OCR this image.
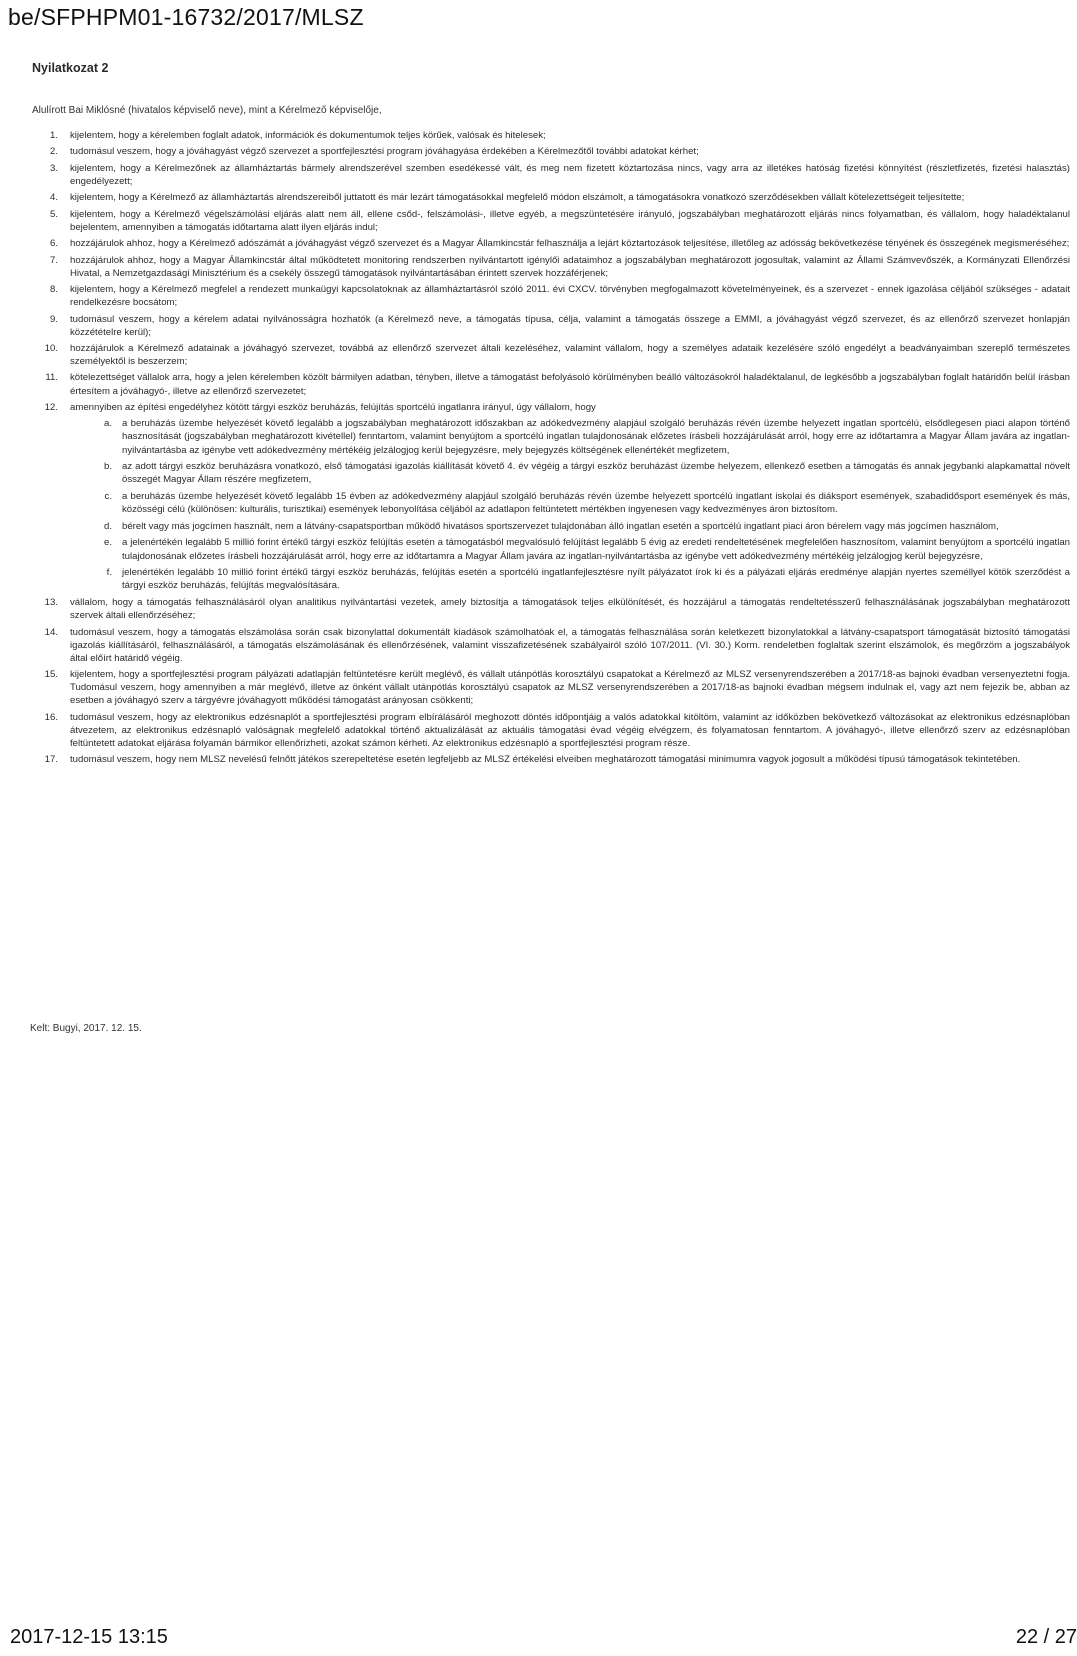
be/SFPHPM01-16732/2017/MLSZ
Nyilatkozat 2
Alulírott Bai Miklósné (hivatalos képviselő neve), mint a Kérelmező képviselője,
1.	kijelentem, hogy a kérelemben foglalt adatok, információk és dokumentumok teljes körűek, valósak és hitelesek;
2.	tudomásul veszem, hogy a jóváhagyást végző szervezet a sportfejlesztési program jóváhagyása érdekében a Kérelmezőtől további adatokat kérhet;
3.	kijelentem, hogy a Kérelmezőnek az államháztartás bármely alrendszerével szemben esedékessé vált, és meg nem fizetett köztartozása nincs, vagy arra az illetékes hatóság fizetési könnyítést (részletfizetés, fizetési halasztás) engedélyezett;
4.	kijelentem, hogy a Kérelmező az államháztartás alrendszereiből juttatott és már lezárt támogatásokkal megfelelő módon elszámolt, a támogatásokra vonatkozó szerződésekben vállalt kötelezettségeit teljesítette;
5.	kijelentem, hogy a Kérelmező végelszámolási eljárás alatt nem áll, ellene csőd-, felszámolási-, illetve egyéb, a megszüntetésére irányuló, jogszabályban meghatározott eljárás nincs folyamatban, és vállalom, hogy haladéktalanul bejelentem, amennyiben a támogatás időtartama alatt ilyen eljárás indul;
6.	hozzájárulok ahhoz, hogy a Kérelmező adószámát a jóváhagyást végző szervezet és a Magyar Államkincstár felhasználja a lejárt köztartozások teljesítése, illetőleg az adósság bekövetkezése tényének és összegének megismeréséhez;
7.	hozzájárulok ahhoz, hogy a Magyar Államkincstár által működtetett monitoring rendszerben nyilvántartott igénylői adataimhoz a jogszabályban meghatározott jogosultak, valamint az Állami Számvevőszék, a Kormányzati Ellenőrzési Hivatal, a Nemzetgazdasági Minisztérium és a csekély összegű támogatások nyilvántartásában érintett szervek hozzáférjenek;
8.	kijelentem, hogy a Kérelmező megfelel a rendezett munkaügyi kapcsolatoknak az államháztartásról szóló 2011. évi CXCV. törvényben megfogalmazott követelményeinek, és a szervezet - ennek igazolása céljából szükséges - adatait rendelkezésre bocsátom;
9.	tudomásul veszem, hogy a kérelem adatai nyilvánosságra hozhatók (a Kérelmező neve, a támogatás típusa, célja, valamint a támogatás összege a EMMI, a jóváhagyást végző szervezet, és az ellenőrző szervezet honlapján közzétételre kerül);
10.	hozzájárulok a Kérelmező adatainak a jóváhagyó szervezet, továbbá az ellenőrző szervezet általi kezeléséhez, valamint vállalom, hogy a személyes adataik kezelésére szóló engedélyt a beadványaimban szereplő természetes személyektől is beszerzem;
11.	kötelezettséget vállalok arra, hogy a jelen kérelemben közölt bármilyen adatban, tényben, illetve a támogatást befolyásoló körülményben beálló változásokról haladéktalanul, de legkésőbb a jogszabályban foglalt határidőn belül írásban értesítem a jóváhagyó-, illetve az ellenőrző szervezetet;
12.	amennyiben az építési engedélyhez kötött tárgyi eszköz beruházás, felújítás sportcélú ingatlanra irányul, úgy vállalom, hogy
a.	a beruházás üzembe helyezését követő legalább a jogszabályban meghatározott időszakban az adókedvezmény alapjául szolgáló beruházás révén üzembe helyezett ingatlan sportcélú, elsődlegesen piaci alapon történő hasznosítását (jogszabályban meghatározott kivétellel) fenntartom, valamint benyújtom a sportcélú ingatlan tulajdonosának előzetes írásbeli hozzájárulását arról, hogy erre az időtartamra a Magyar Állam javára az ingatlan-nyilvántartásba az igénybe vett adókedvezmény mértékéig jelzálogjog kerül bejegyzésre, mely bejegyzés költségének ellenértékét megfizetem,
b.	az adott tárgyi eszköz beruházásra vonatkozó, első támogatási igazolás kiállítását követő 4. év végéig a tárgyi eszköz beruházást üzembe helyezem, ellenkező esetben a támogatás és annak jegybanki alapkamattal növelt összegét Magyar Állam részére megfizetem,
c.	a beruházás üzembe helyezését követő legalább 15 évben az adókedvezmény alapjául szolgáló beruházás révén üzembe helyezett sportcélú ingatlant iskolai és diáksport események, szabadidősport események és más, közösségi célú (különösen: kulturális, turisztikai) események lebonyolítása céljából az adatlapon feltüntetett mértékben ingyenesen vagy kedvezményes áron biztosítom.
d.	bérelt vagy más jogcímen használt, nem a látvány-csapatsportban működő hivatásos sportszervezet tulajdonában álló ingatlan esetén a sportcélú ingatlant piaci áron bérelem vagy más jogcímen használom,
e.	a jelenértékén legalább 5 millió forint értékű tárgyi eszköz felújítás esetén a támogatásból megvalósuló felújítást legalább 5 évig az eredeti rendeltetésének megfelelően hasznosítom, valamint benyújtom a sportcélú ingatlan tulajdonosának előzetes írásbeli hozzájárulását arról, hogy erre az időtartamra a Magyar Állam javára az ingatlan-nyilvántartásba az igénybe vett adókedvezmény mértékéig jelzálogjog kerül bejegyzésre,
f.	jelenértékén legalább 10 millió forint értékű tárgyi eszköz beruházás, felújítás esetén a sportcélú ingatlanfejlesztésre nyílt pályázatot írok ki és a pályázati eljárás eredménye alapján nyertes személlyel kötök szerződést a tárgyi eszköz beruházás, felújítás megvalósítására.
13.	vállalom, hogy a támogatás felhasználásáról olyan analitikus nyilvántartási vezetek, amely biztosítja a támogatások teljes elkülönítését, és hozzájárul a támogatás rendeltetésszerű felhasználásának jogszabályban meghatározott szervek általi ellenőrzéséhez;
14.	tudomásul veszem, hogy a támogatás elszámolása során csak bizonylattal dokumentált kiadások számolhatóak el, a támogatás felhasználása során keletkezett bizonylatokkal a látvány-csapatsport támogatását biztosító támogatási igazolás kiállításáról, felhasználásáról, a támogatás elszámolásának és ellenőrzésének, valamint visszafizetésének szabályairól szóló 107/2011. (VI. 30.) Korm. rendeletben foglaltak szerint elszámolok, és megőrzöm a jogszabályok által előírt határidő végéig.
15.	kijelentem, hogy a sportfejlesztési program pályázati adatlapján feltüntetésre került meglévő, és vállalt utánpótlás korosztályú csapatokat a Kérelmező az MLSZ versenyrendszerében a 2017/18-as bajnoki évadban versenyeztetni fogja. Tudomásul veszem, hogy amennyiben a már meglévő, illetve az önként vállalt utánpótlás korosztályú csapatok az MLSZ versenyrendszerében a 2017/18-as bajnoki évadban mégsem indulnak el, vagy azt nem fejezik be, abban az esetben a jóváhagyó szerv a tárgyévre jóváhagyott működési támogatást arányosan csökkenti;
16.	tudomásul veszem, hogy az elektronikus edzésnaplót a sportfejlesztési program elbírálásáról meghozott döntés időpontjáig a valós adatokkal kitöltöm, valamint az időközben bekövetkező változásokat az elektronikus edzésnaplóban átvezetem, az elektronikus edzésnapló valóságnak megfelelő adatokkal történő aktualizálását az aktuális támogatási évad végéig elvégzem, és folyamatosan fenntartom. A jóváhagyó-, illetve ellenőrző szerv az edzésnaplóban feltüntetett adatokat eljárása folyamán bármikor ellenőrizheti, azokat számon kérheti. Az elektronikus edzésnapló a sportfejlesztési program része.
17.	tudomásul veszem, hogy nem MLSZ nevelésű felnőtt játékos szerepeltetése esetén legfeljebb az MLSZ értékelési elveiben meghatározott támogatási minimumra vagyok jogosult a működési típusú támogatások tekintetében.
Kelt: Bugyi, 2017. 12. 15.
2017-12-15 13:15	22 / 27
